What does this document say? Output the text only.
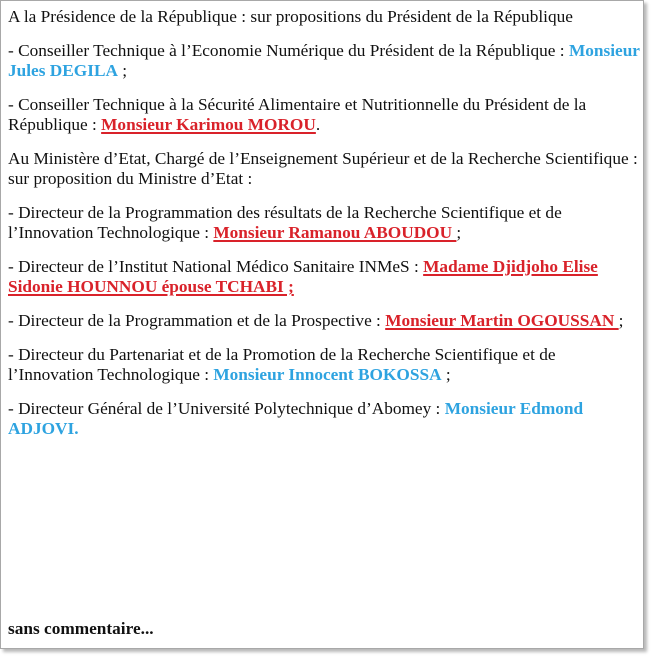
A la Présidence de la République : sur propositions du Président de la République

- Conseiller Technique à l’Economie Numérique du Président de la République : Monsieur Jules DEGILA ;

- Conseiller Technique à la Sécurité Alimentaire et Nutritionnelle du Président de la République : Monsieur Karimou MOROU.

Au Ministère d’Etat, Chargé de l’Enseignement Supérieur et de la Recherche Scientifique : sur proposition du Ministre d’Etat :

- Directeur de la Programmation des résultats de la Recherche Scientifique et de l’Innovation Technologique : Monsieur Ramanou ABOUDOU ;

- Directeur de l’Institut National Médico Sanitaire INMeS : Madame Djidjoho Elise Sidonie HOUNNOU épouse TCHABI ;

- Directeur de la Programmation et de la Prospective : Monsieur Martin OGOUSSAN ;

- Directeur du Partenariat et de la Promotion de la Recherche Scientifique et de l’Innovation Technologique : Monsieur Innocent BOKOSSA ;

- Directeur Général de l’Université Polytechnique d’Abomey : Monsieur Edmond ADJOVI.

sans commentaire...
